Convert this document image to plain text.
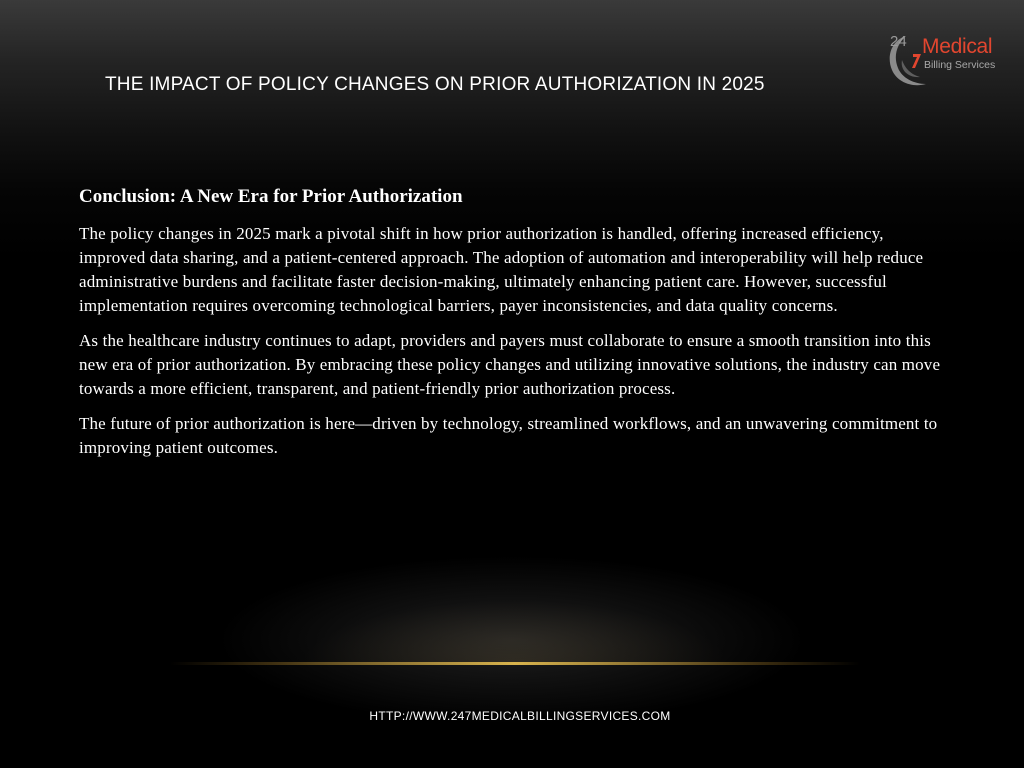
THE IMPACT OF POLICY CHANGES ON PRIOR AUTHORIZATION IN 2025
24 Medical
Billing Services
Conclusion: A New Era for Prior Authorization

The policy changes in 2025 mark a pivotal shift in how prior authorization is handled, offering increased efficiency, improved data sharing, and a patient-centered approach. The adoption of automation and interoperability will help reduce administrative burdens and facilitate faster decision-making, ultimately enhancing patient care. However, successful implementation requires overcoming technological barriers, payer inconsistencies, and data quality concerns.

As the healthcare industry continues to adapt, providers and payers must collaborate to ensure a smooth transition into this new era of prior authorization. By embracing these policy changes and utilizing innovative solutions, the industry can move towards a more efficient, transparent, and patient-friendly prior authorization process.

The future of prior authorization is here—driven by technology, streamlined workflows, and an unwavering commitment to improving patient outcomes.

HTTP://WWW.247MEDICALBILLINGSERVICES.COM
